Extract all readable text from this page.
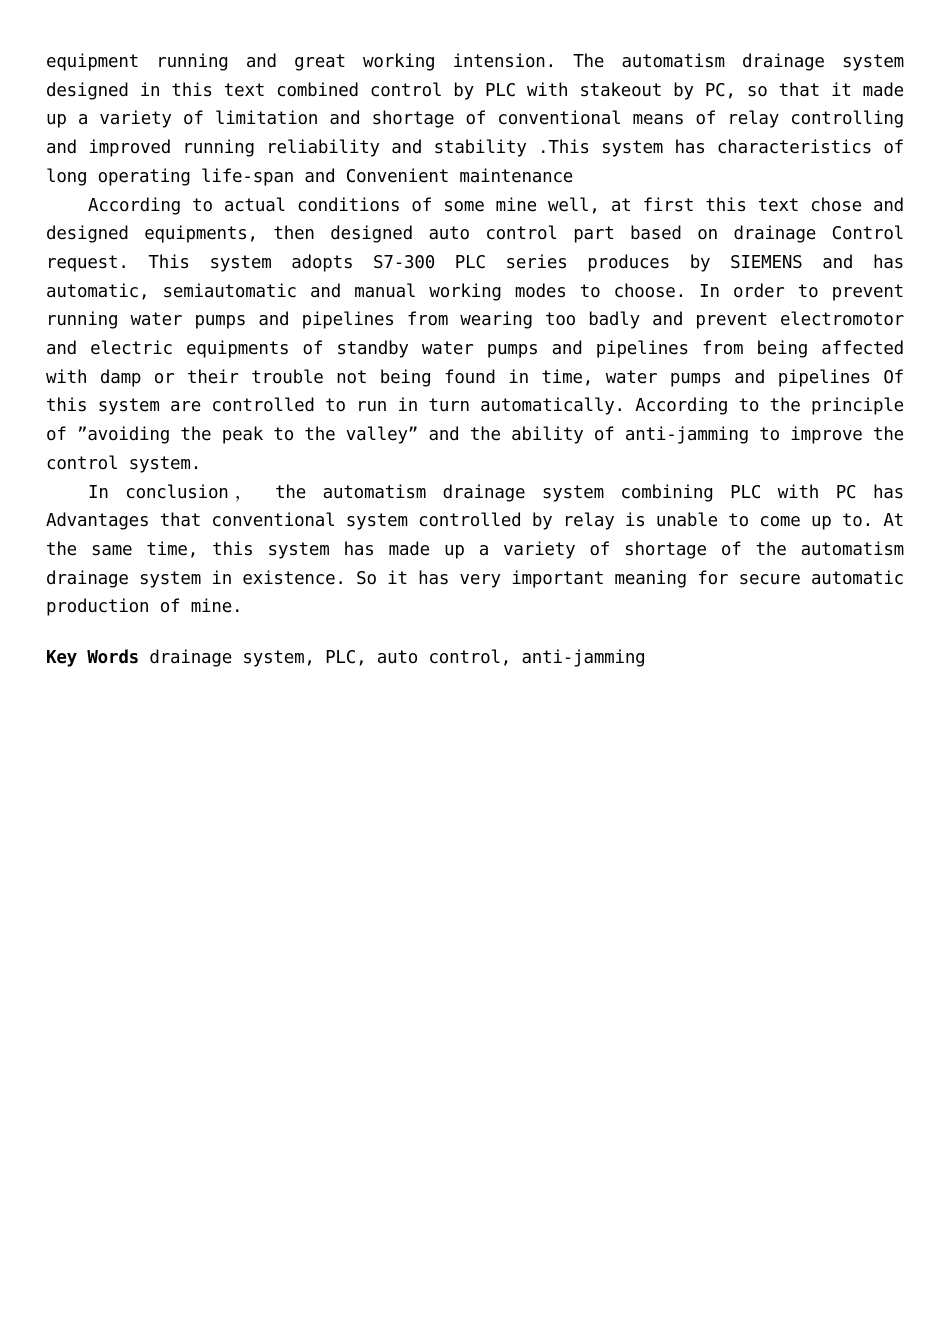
equipment running and great working intension. The automatism drainage system designed in this text combined control by PLC with stakeout by PC, so that it made up a variety of limitation and shortage of conventional means of relay controlling and improved running reliability and stability .This system has characteristics of long operating life-span and Convenient maintenance

According to actual conditions of some mine well, at first this text chose and designed equipments, then designed auto control part based on drainage Control request. This system adopts S7-300 PLC series produces by SIEMENS and has automatic, semiautomatic and manual working modes to choose. In order to prevent running water pumps and pipelines from wearing too badly and prevent electromotor and electric equipments of standby water pumps and pipelines from being affected with damp or their trouble not being found in time, water pumps and pipelines Of this system are controlled to run in turn automatically. According to the principle of ”avoiding the peak to the valley” and the ability of anti-jamming to improve the control system.

In conclusion， the automatism drainage system combining PLC with PC has Advantages that conventional system controlled by relay is unable to come up to. At the same time, this system has made up a variety of shortage of the automatism drainage system in existence. So it has very important meaning for secure automatic production of mine.

Key Words drainage system, PLC, auto control, anti-jamming
